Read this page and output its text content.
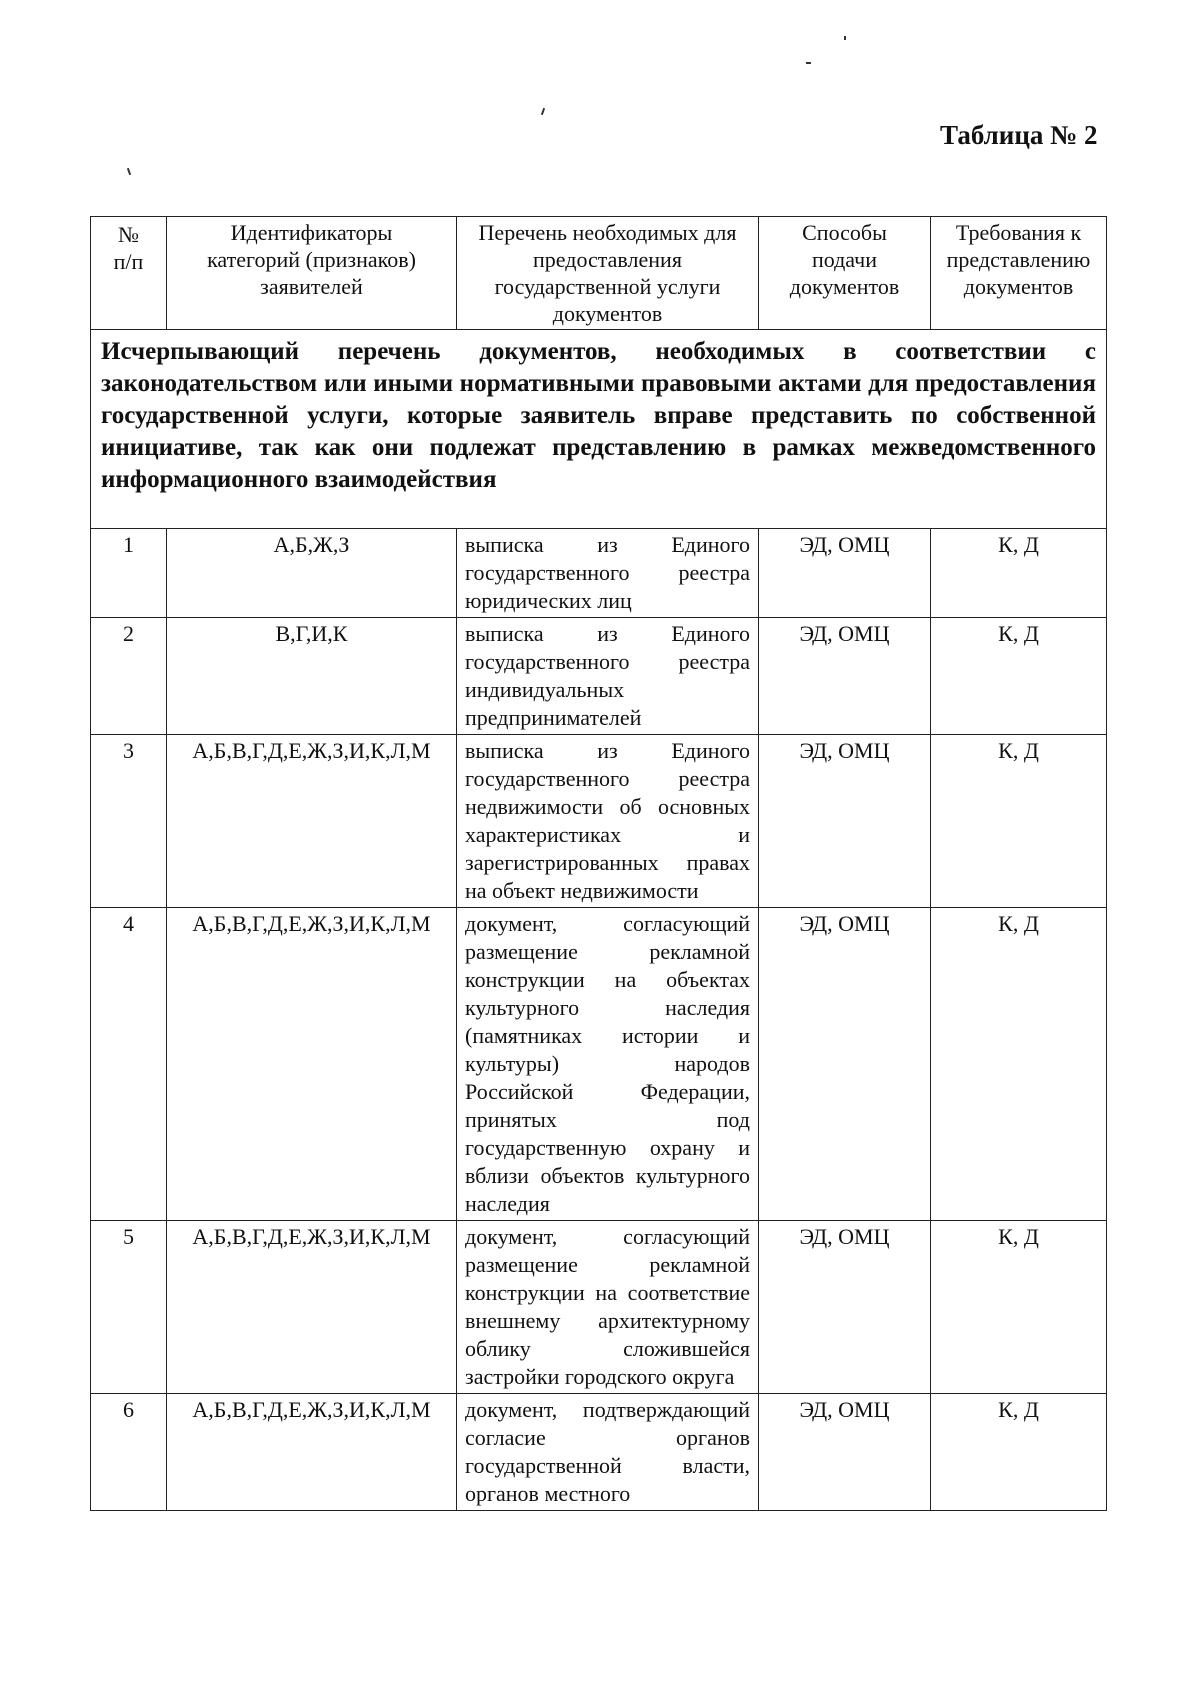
Таблица № 2
№ п/п	Идентификаторы категорий (признаков) заявителей	Перечень необходимых для предоставления государственной услуги документов	Способы подачи документов	Требования к представлению документов
Исчерпывающий перечень документов, необходимых в соответствии с законодательством или иными нормативными правовыми актами для предоставления государственной услуги, которые заявитель вправе представить по собственной инициативе, так как они подлежат представлению в рамках межведомственного информационного взаимодействия				
1	А,Б,Ж,З	выписка из Единого государственного реестра юридических лиц	ЭД, ОМЦ	К, Д
2	В,Г,И,К	выписка из Единого государственного реестра индивидуальных предпринимателей	ЭД, ОМЦ	К, Д
3	А,Б,В,Г,Д,Е,Ж,З,И,К,Л,М	выписка из Единого государственного реестра недвижимости об основных характеристиках и зарегистрированных правах на объект недвижимости	ЭД, ОМЦ	К, Д
4	А,Б,В,Г,Д,Е,Ж,З,И,К,Л,М	документ, согласующий размещение рекламной конструкции на объектах культурного наследия (памятниках истории и культуры) народов Российской Федерации, принятых под государственную охрану и вблизи объектов культурного наследия	ЭД, ОМЦ	К, Д
5	А,Б,В,Г,Д,Е,Ж,З,И,К,Л,М	документ, согласующий размещение рекламной конструкции на соответствие внешнему архитектурному облику сложившейся застройки городского округа	ЭД, ОМЦ	К, Д
6	А,Б,В,Г,Д,Е,Ж,З,И,К,Л,М	документ, подтверждающий согласие органов государственной власти, органов местного	ЭД, ОМЦ	К, Д
